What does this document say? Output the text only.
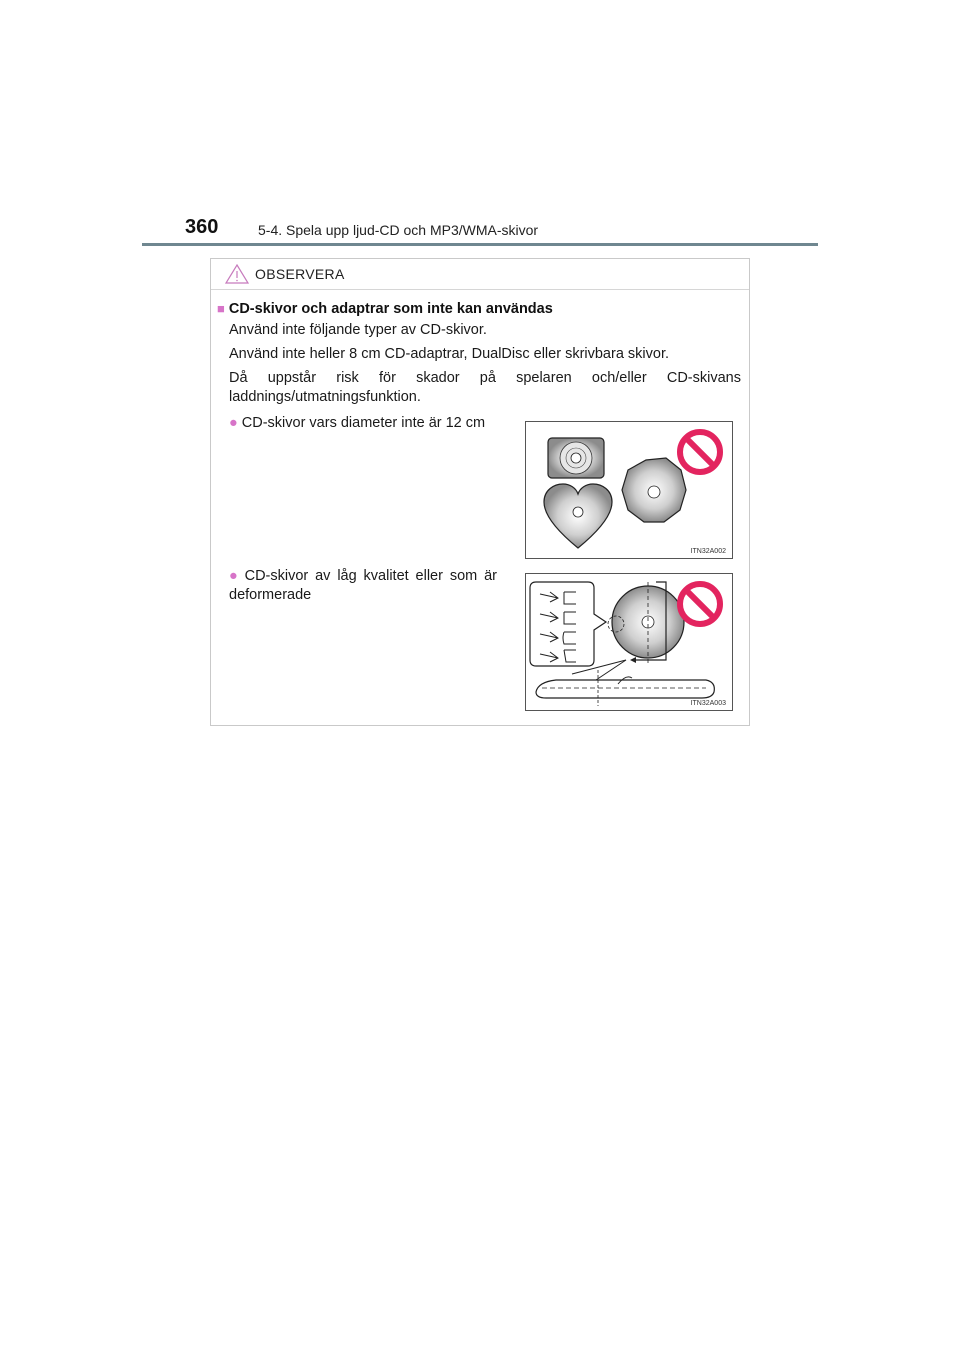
360	5-4. Spela upp ljud-CD och MP3/WMA-skivor
OBSERVERA
■ CD-skivor och adaptrar som inte kan användas
Använd inte följande typer av CD-skivor.
Använd inte heller 8 cm CD-adaptrar, DualDisc eller skrivbara skivor.
Då uppstår risk för skador på spelaren och/eller CD-skivans laddnings/utmatningsfunktion.
● CD-skivor vars diameter inte är 12 cm
ITN32A002
● CD-skivor av låg kvalitet eller som är deformerade
ITN32A003
